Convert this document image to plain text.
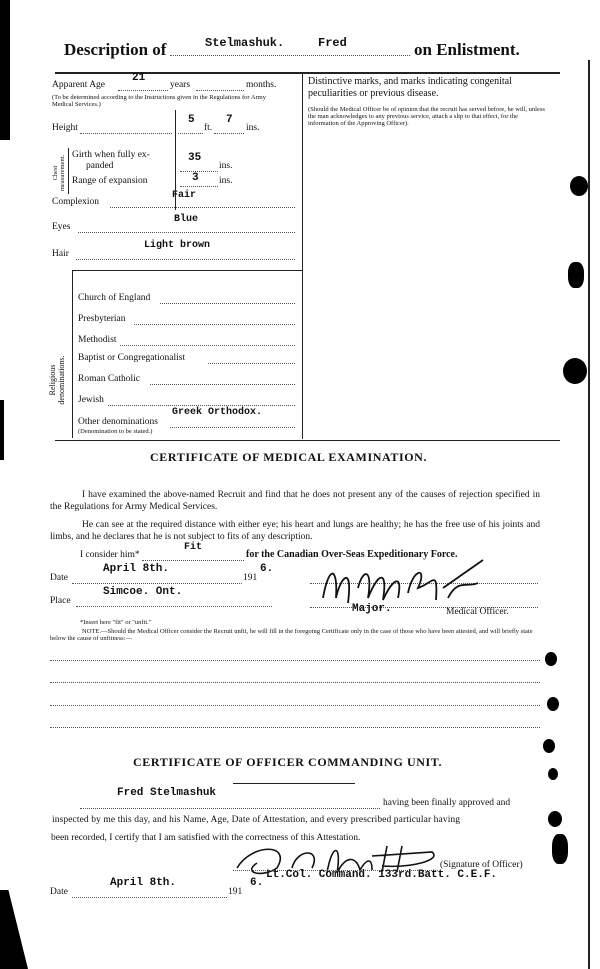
Description of	Stelmashuk.	Fred	on Enlistment.
Apparent Age
21
years	months.
(To be determined according to the Instructions given in the Regulations for Army Medical Services.)
Height
5
ft.
7
ins.
Chest measurement. Girth when fully ex-
panded
35
ins.
Range of expansion	3 ins.
Complexion
Fair
Eyes
Blue
Hair
Light brown
Religious denominations.
Church of England
Presbyterian
Methodist
Baptist or Congregationalist
Roman Catholic
Jewish
Other denominations
Greek Orthodox.
(Denomination to be stated.)
Distinctive marks, and marks indicating congenital peculiarities or previous disease.
(Should the Medical Officer be of opinion that the recruit has served before, he will, unless the man acknowledges to any previous service, attach a slip to that effect, for the information of the Approving Officer).
CERTIFICATE OF MEDICAL EXAMINATION.
I have examined the above-named Recruit and find that he does not present any of the causes of rejection specified in the Regulations for Army Medical Services.
He can see at the required distance with either eye; his heart and lungs are healthy; he has the free use of his joints and limbs, and he declares that he is not subject to fits of any description.
I consider him*
Fit
for the Canadian Over-Seas Expeditionary Force.
Date
April 8th.
191
6.
Place
Simcoe. Ont.
Major.	Medical Officer.
*Insert here "fit" or "unfit."
NOTE.—Should the Medical Officer consider the Recruit unfit, he will fill in the foregoing Certificate only in the case of those who have been attested, and will briefly state below the cause of unfitness:—
CERTIFICATE OF OFFICER COMMANDING UNIT.
Fred Stelmashuk
having been finally approved and
inspected by me this day, and his Name, Age, Date of Attestation, and every prescribed particular having
been recorded, I certify that I am satisfied with the correctness of this Attestation.
(Signature of Officer)
Lt.Col. Command. 133rd.Batt. C.E.F.
Date
April 8th.
191
6.
